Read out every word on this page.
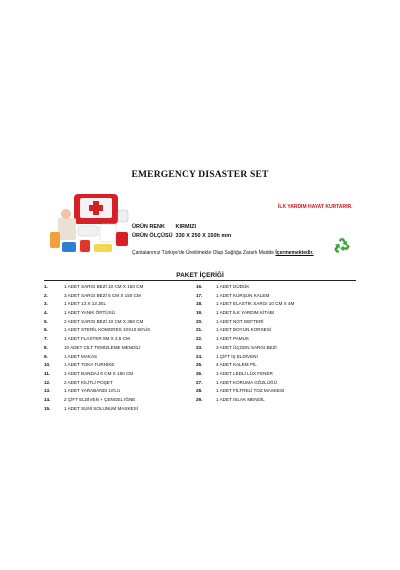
EMERGENCY DISASTER SET
İLK YARDIM HAYAT KURTARIR.
ÜRÜN RENK KIRMIZI
ÜRÜN ÖLÇÜSÜ 330 X 250 X 150h mm
Çantalarımız Türkiye'de Üretilmekte Olup Sağlığa Zararlı Madde İçermemektedir.
PAKET İÇERİĞİ
1.	1 ADET SARGI BEZİ 10 CM X 150 CM
2.	3 ADET SARGI BEZİ 5 CM X 150 CM
3.	1 ADET 13 X 13 JEL
4.	1 ADET YANIK ÖRTÜSÜ
5.	2 ADET SARGI BEZİ 10 CM X 350 CM
6.	1 ADET STERİL KOMORES 10X10 50'LİK
7.	1 ADET FLASTER 5M X 2,5 CM
8.	10 ADET CİLT TEMİZLEME MENDİLİ
9.	1 ADET MAKAS
10.	1 ADET TOKA TURNİKE
11.	1 ADET BANDAJ 6 CM X 150 CM
12.	2 ADET KİLİTLİ POŞET
13.	1 ADET YARABANDI 10'LU
14.	2 ÇİFT ELDİVEN + ÇENGEL İĞNE
15.	1 ADET SUNİ SOLUNUM MASKESİ
16.	1 ADET DÜDÜK
17.	1 ADET KURŞUN KALEM
18.	1 ADET ELASTİK SARGI 10 CM X 4M
19.	1 ADET İLK YARDIM KİTABI
20.	1 ADET NOT DEFTERİ
21.	1 ADET BOYUN KORSESİ
22.	1 ADET PAMUK
23.	3 ADET ÜÇGEN SARGI BEZİ
24.	1 ÇİFT İŞ ELDİVENİ
25.	4 ADET KALEM PİL
26.	1 ADET LEDLİ LÜX FENER
27.	1 ADET KORUMA GÖZLÜĞÜ
28.	1 ADET FİLTRELİ TOZ MASKESİ
29.	1 ADET ISLAK MENDİL
